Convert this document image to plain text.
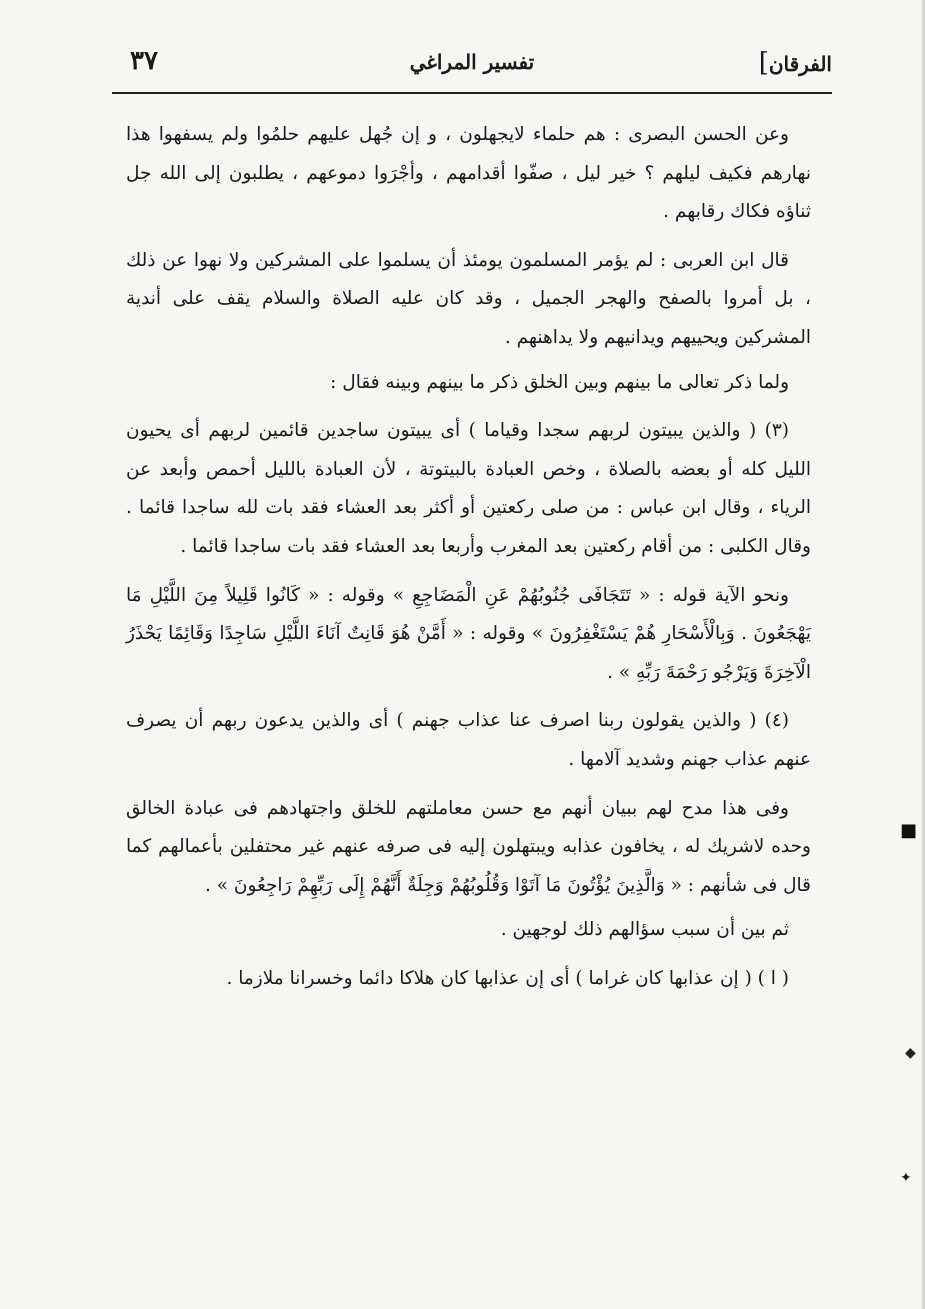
٣٧	تفسير المراغي	الفرقان]

وعن الحسن البصرى : هم حلماء لايجهلون ، و إن جُهل عليهم حلمُوا ولم يسفهوا هذا نهارهم فكيف ليلهم ؟ خير ليل ، صفّوا أقدامهم ، وأجْرَوا دموعهم ، يطلبون إلى الله جل ثناؤه فكاك رقابهم .

قال ابن العربى : لم يؤمر المسلمون يومئذ أن يسلموا على المشركين ولا نهوا عن ذلك ، بل أمروا بالصفح والهجر الجميل ، وقد كان عليه الصلاة والسلام يقف على أندية المشركين ويحييهم ويدانيهم ولا يداهنهم .

ولما ذكر تعالى ما بينهم وبين الخلق ذكر ما بينهم وبينه فقال :

(٣) ( والذين يبيتون لربهم سجدا وقياما ) أى يبيتون ساجدين قائمين لربهم أى يحيون الليل كله أو بعضه بالصلاة ، وخص العبادة بالبيتوتة ، لأن العبادة بالليل أحمص وأبعد عن الرياء ، وقال ابن عباس : من صلى ركعتين أو أكثر بعد العشاء فقد بات لله ساجدا قائما . وقال الكلبى : من أقام ركعتين بعد المغرب وأربعا بعد العشاء فقد بات ساجدا قائما .

ونحو الآية قوله : « تَتَجَافَى جُنُوبُهُمْ عَنِ الْمَضَاجِعِ » وقوله : « كَانُوا قَلِيلاً مِنَ اللَّيْلِ مَا يَهْجَعُونَ . وَبِالْأَسْحَارِ هُمْ يَسْتَغْفِرُونَ » وقوله : « أَمَّنْ هُوَ قَانِتٌ آنَاءَ اللَّيْلِ سَاجِدًا وَقَائِمًا يَحْذَرُ الْآخِرَةَ وَيَرْجُو رَحْمَةَ رَبِّهِ » .

(٤) ( والذين يقولون ربنا اصرف عنا عذاب جهنم ) أى والذين يدعون ربهم أن يصرف عنهم عذاب جهنم وشديد آلامها .

وفى هذا مدح لهم ببيان أنهم مع حسن معاملتهم للخلق واجتهادهم فى عبادة الخالق وحده لاشريك له ، يخافون عذابه ويبتهلون إليه فى صرفه عنهم غير محتفلين بأعمالهم كما قال فى شأنهم : « وَالَّذِينَ يُؤْتُونَ مَا آتَوْا وَقُلُوبُهُمْ وَجِلَةٌ أَنَّهُمْ إِلَى رَبِّهِمْ رَاجِعُونَ » .

ثم بين أن سبب سؤالهم ذلك لوجهين .

( ا ) ( إن عذابها كان غراما ) أى إن عذابها كان هلاكا دائما وخسرانا ملازما .

■
◆
✦
